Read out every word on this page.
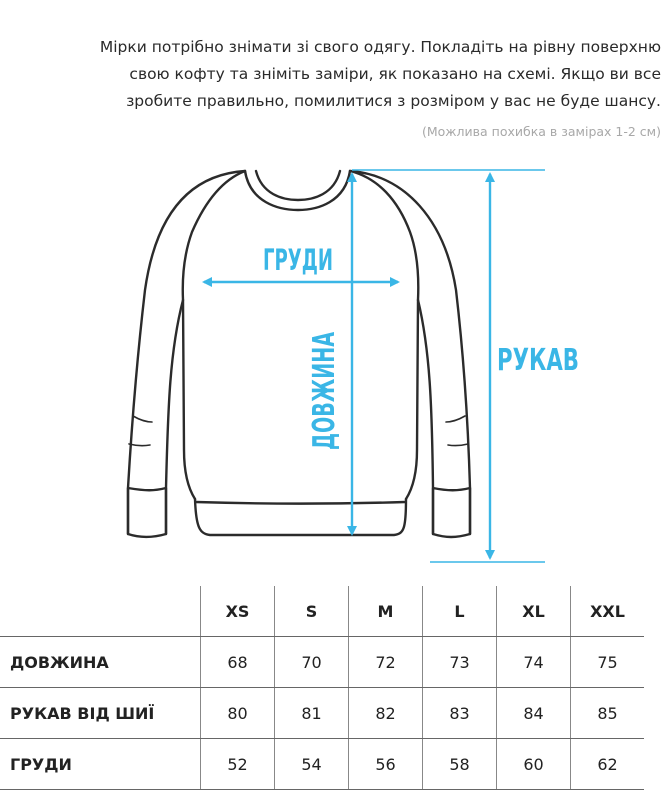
Мірки потрібно знімати зі свого одягу. Покладіть на рівну поверхню
свою кофту та зніміть заміри, як показано на схемі. Якщо ви все
зробите правильно, помилитися з розміром у вас не буде шансу.
(Можлива похибка в замірах 1-2 см)
ГРУДИ
ДОВЖИНА	РУКАВ
	XS	S	M	L	XL	XXL
ДОВЖИНА	68	70	72	73	74	75
РУКАВ ВІД ШИЇ	80	81	82	83	84	85
ГРУДИ	52	54	56	58	60	62
